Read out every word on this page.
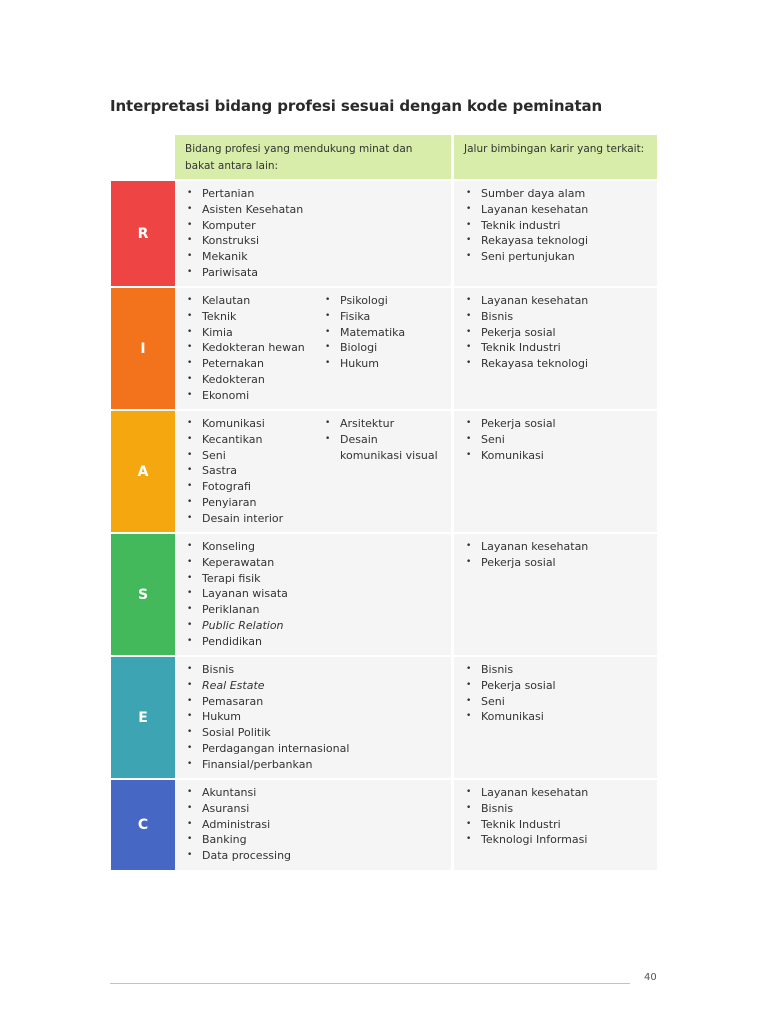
Interpretasi bidang profesi sesuai dengan kode peminatan
Bidang profesi yang mendukung minat dan bakat antara lain:
Jalur bimbingan karir yang terkait:
R
• Pertanian
• Asisten Kesehatan
• Komputer
• Konstruksi
• Mekanik
• Pariwisata
• Sumber daya alam
• Layanan kesehatan
• Teknik industri
• Rekayasa teknologi
• Seni pertunjukan
I
• Kelautan
• Teknik
• Kimia
• Kedokteran hewan
• Peternakan
• Kedokteran
• Ekonomi
• Psikologi
• Fisika
• Matematika
• Biologi
• Hukum
• Layanan kesehatan
• Bisnis
• Pekerja sosial
• Teknik Industri
• Rekayasa teknologi
A
• Komunikasi
• Kecantikan
• Seni
• Sastra
• Fotografi
• Penyiaran
• Desain interior
• Arsitektur
• Desain komunikasi visual
• Pekerja sosial
• Seni
• Komunikasi
S
• Konseling
• Keperawatan
• Terapi fisik
• Layanan wisata
• Periklanan
• Public Relation
• Pendidikan
• Layanan kesehatan
• Pekerja sosial
E
• Bisnis
• Real Estate
• Pemasaran
• Hukum
• Sosial Politik
• Perdagangan internasional
• Finansial/perbankan
• Bisnis
• Pekerja sosial
• Seni
• Komunikasi
C
• Akuntansi
• Asuransi
• Administrasi
• Banking
• Data processing
• Layanan kesehatan
• Bisnis
• Teknik Industri
• Teknologi Informasi
40
